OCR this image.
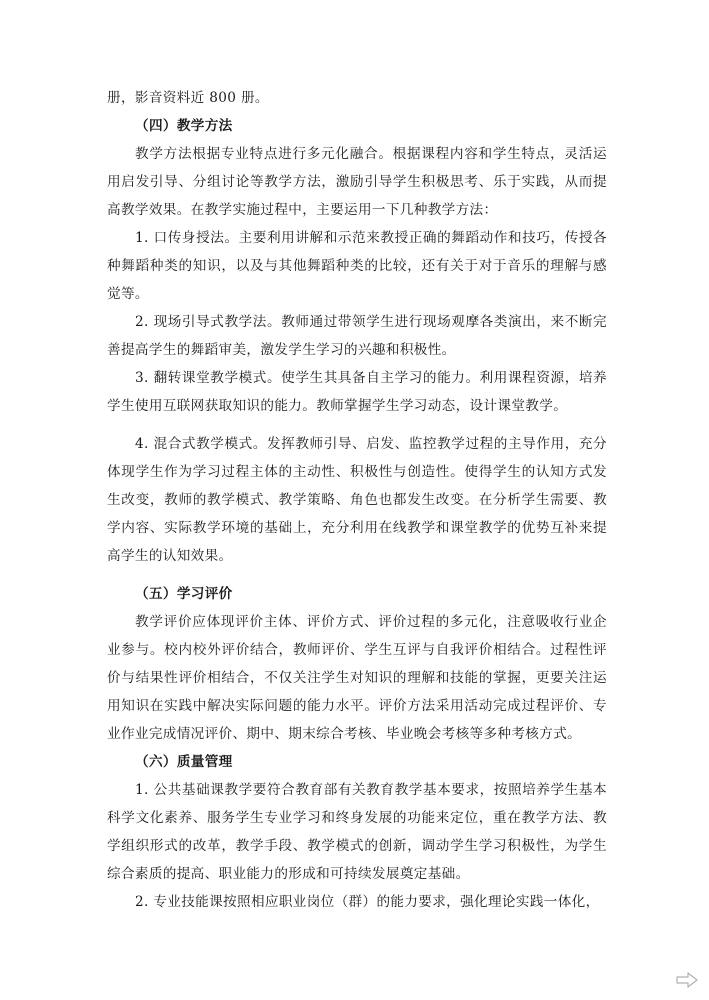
册，影音资料近 800 册。

（四）教学方法

教学方法根据专业特点进行多元化融合。根据课程内容和学生特点，灵活运用启发引导、分组讨论等教学方法，激励引导学生积极思考、乐于实践，从而提高教学效果。在教学实施过程中，主要运用一下几种教学方法：

1. 口传身授法。主要利用讲解和示范来教授正确的舞蹈动作和技巧，传授各种舞蹈种类的知识，以及与其他舞蹈种类的比较，还有关于对于音乐的理解与感觉等。

2. 现场引导式教学法。教师通过带领学生进行现场观摩各类演出，来不断完善提高学生的舞蹈审美，激发学生学习的兴趣和积极性。

3. 翻转课堂教学模式。使学生其具备自主学习的能力。利用课程资源，培养学生使用互联网获取知识的能力。教师掌握学生学习动态，设计课堂教学。

4. 混合式教学模式。发挥教师引导、启发、监控教学过程的主导作用，充分体现学生作为学习过程主体的主动性、积极性与创造性。使得学生的认知方式发生改变，教师的教学模式、教学策略、角色也都发生改变。在分析学生需要、教学内容、实际教学环境的基础上，充分利用在线教学和课堂教学的优势互补来提高学生的认知效果。

（五）学习评价

教学评价应体现评价主体、评价方式、评价过程的多元化，注意吸收行业企业参与。校内校外评价结合，教师评价、学生互评与自我评价相结合。过程性评价与结果性评价相结合，不仅关注学生对知识的理解和技能的掌握，更要关注运用知识在实践中解决实际问题的能力水平。评价方法采用活动完成过程评价、专业作业完成情况评价、期中、期末综合考核、毕业晚会考核等多种考核方式。

（六）质量管理

1. 公共基础课教学要符合教育部有关教育教学基本要求，按照培养学生基本科学文化素养、服务学生专业学习和终身发展的功能来定位，重在教学方法、教学组织形式的改革，教学手段、教学模式的创新，调动学生学习积极性，为学生综合素质的提高、职业能力的形成和可持续发展奠定基础。

2. 专业技能课按照相应职业岗位（群）的能力要求，强化理论实践一体化，
